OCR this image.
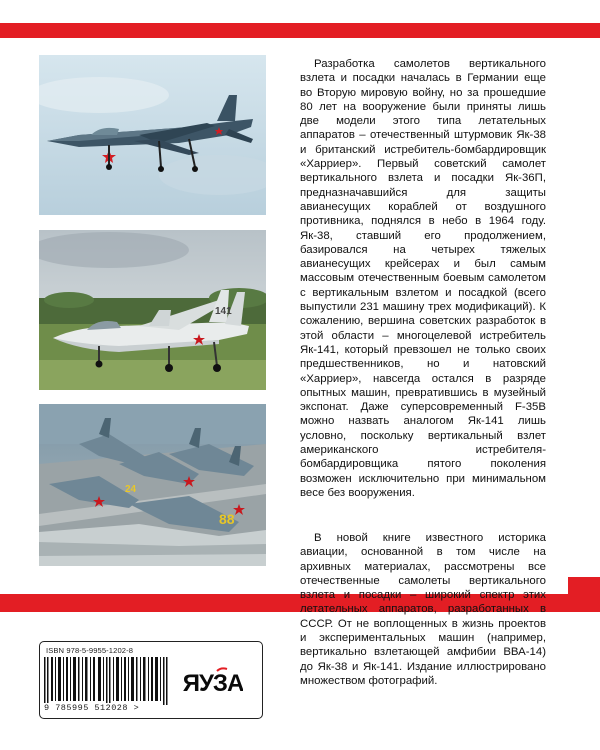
141
88
24

Разработка самолетов вертикального взлета и посадки началась в Германии еще во Вторую мировую войну, но за прошедшие 80 лет на вооружение были приняты лишь две модели этого типа летательных аппаратов – отечественный штурмовик Як-38 и британский истребитель-бомбардировщик «Харриер». Первый советский самолет вертикального взлета и посадки Як-36П, предназначавшийся для защиты авианесущих кораблей от воздушного противника, поднялся в небо в 1964 году. Як-38, ставший его продолжением, базировался на четырех тяжелых авианесущих крейсерах и был самым массовым отечественным боевым самолетом с вертикальным взлетом и посадкой (всего выпустили 231 машину трех модификаций). К сожалению, вершина советских разработок в этой области – многоцелевой истребитель Як-141, который превзошел не только своих предшественников, но и натовский «Харриер», навсегда остался в разряде опытных машин, превратившись в музейный экспонат. Даже суперсовременный F-35B можно назвать аналогом Як-141 лишь условно, поскольку вертикальный взлет американского истребителя-бомбардировщика пятого поколения возможен исключительно при минимальном весе без вооружения.

В новой книге известного историка авиации, основанной в том числе на архивных материалах, рассмотрены все отечественные самолеты вертикального взлета и посадки – широкий спектр этих летательных аппаратов, разработанных в СССР. От не воплощенных в жизнь проектов и экспериментальных машин (например, вертикально взлетающей амфибии ВВА-14) до Як-38 и Як-141. Издание иллюстрировано множеством фотографий.

ISBN 978-5-9955-1202-8
9 785995 512028 >
ЯУЗА
